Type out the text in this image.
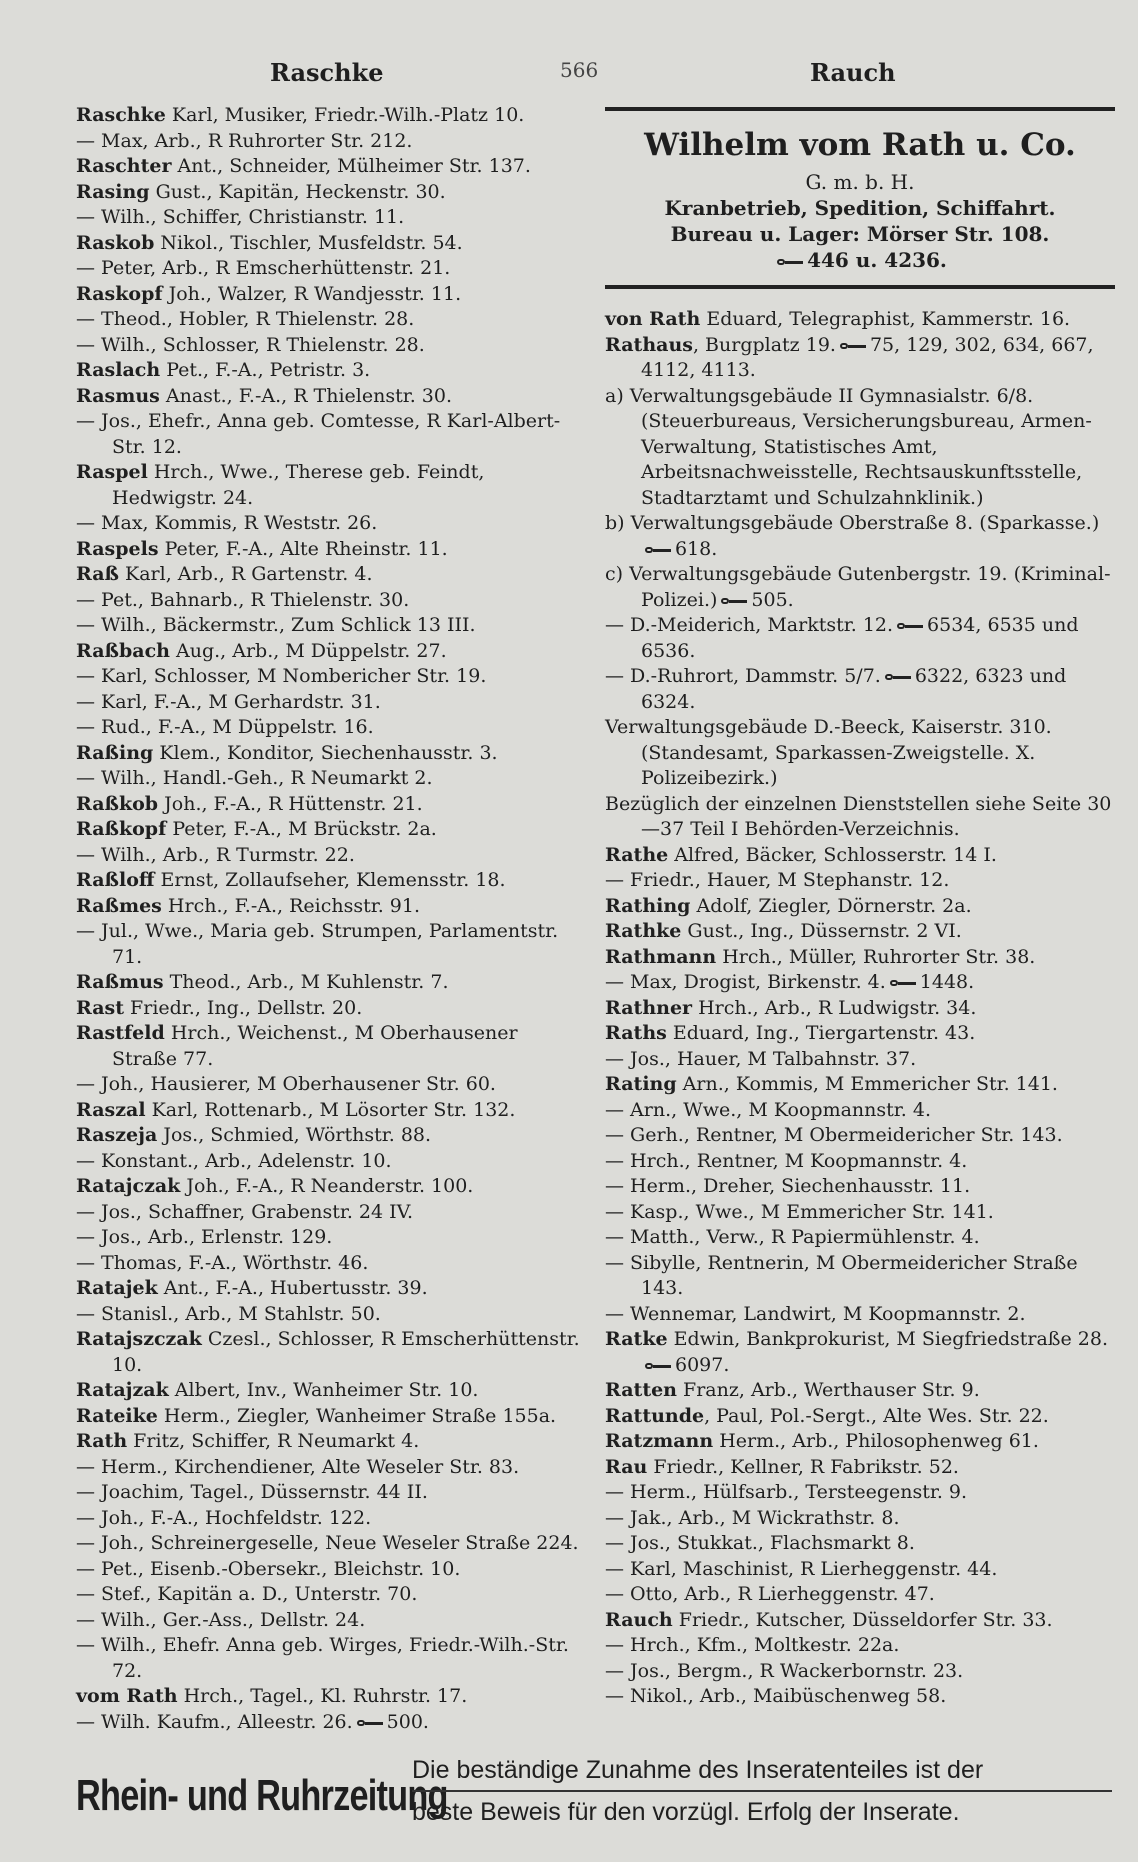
Raschke	566	Rauch
Raschke Karl, Musiker, Friedr.-Wilh.-Platz 10.
— Max, Arb., R Ruhrorter Str. 212.
Raschter Ant., Schneider, Mülheimer Str. 137.
Rasing Gust., Kapitän, Heckenstr. 30.
— Wilh., Schiffer, Christianstr. 11.
Raskob Nikol., Tischler, Musfeldstr. 54.
— Peter, Arb., R Emscherhüttenstr. 21.
Raskopf Joh., Walzer, R Wandjesstr. 11.
— Theod., Hobler, R Thielenstr. 28.
— Wilh., Schlosser, R Thielenstr. 28.
Raslach Pet., F.-A., Petristr. 3.
Rasmus Anast., F.-A., R Thielenstr. 30.
— Jos., Ehefr., Anna geb. Comtesse, R Karl-Albert-Str. 12.
Raspel Hrch., Wwe., Therese geb. Feindt, Hedwigstr. 24.
— Max, Kommis, R Weststr. 26.
Raspels Peter, F.-A., Alte Rheinstr. 11.
Raß Karl, Arb., R Gartenstr. 4.
— Pet., Bahnarb., R Thielenstr. 30.
— Wilh., Bäckermstr., Zum Schlick 13 III.
Raßbach Aug., Arb., M Düppelstr. 27.
— Karl, Schlosser, M Nombericher Str. 19.
— Karl, F.-A., M Gerhardstr. 31.
— Rud., F.-A., M Düppelstr. 16.
Raßing Klem., Konditor, Siechenhausstr. 3.
— Wilh., Handl.-Geh., R Neumarkt 2.
Raßkob Joh., F.-A., R Hüttenstr. 21.
Raßkopf Peter, F.-A., M Brückstr. 2a.
— Wilh., Arb., R Turmstr. 22.
Raßloff Ernst, Zollaufseher, Klemensstr. 18.
Raßmes Hrch., F.-A., Reichsstr. 91.
— Jul., Wwe., Maria geb. Strumpen, Parlamentstr. 71.
Raßmus Theod., Arb., M Kuhlenstr. 7.
Rast Friedr., Ing., Dellstr. 20.
Rastfeld Hrch., Weichenst., M Oberhausener Straße 77.
— Joh., Hausierer, M Oberhausener Str. 60.
Raszal Karl, Rottenarb., M Lösorter Str. 132.
Raszeja Jos., Schmied, Wörthstr. 88.
— Konstant., Arb., Adelenstr. 10.
Ratajczak Joh., F.-A., R Neanderstr. 100.
— Jos., Schaffner, Grabenstr. 24 IV.
— Jos., Arb., Erlenstr. 129.
— Thomas, F.-A., Wörthstr. 46.
Ratajek Ant., F.-A., Hubertusstr. 39.
— Stanisl., Arb., M Stahlstr. 50.
Ratajszczak Czesl., Schlosser, R Emscherhüttenstr. 10.
Ratajzak Albert, Inv., Wanheimer Str. 10.
Rateike Herm., Ziegler, Wanheimer Straße 155a.
Rath Fritz, Schiffer, R Neumarkt 4.
— Herm., Kirchendiener, Alte Weseler Str. 83.
— Joachim, Tagel., Düssernstr. 44 II.
— Joh., F.-A., Hochfeldstr. 122.
— Joh., Schreinergeselle, Neue Weseler Straße 224.
— Pet., Eisenb.-Obersekr., Bleichstr. 10.
— Stef., Kapitän a. D., Unterstr. 70.
— Wilh., Ger.-Ass., Dellstr. 24.
— Wilh., Ehefr. Anna geb. Wirges, Friedr.-Wilh.-Str. 72.
vom Rath Hrch., Tagel., Kl. Ruhrstr. 17.
— Wilh. Kaufm., Alleestr. 26. 500.
Wilhelm vom Rath u. Co.
G. m. b. H.
Kranbetrieb, Spedition, Schiffahrt.
Bureau u. Lager: Mörser Str. 108.
446 u. 4236.
von Rath Eduard, Telegraphist, Kammerstr. 16.
Rathaus, Burgplatz 19. 75, 129, 302, 634, 667, 4112, 4113.
a) Verwaltungsgebäude II Gymnasialstr. 6/8. (Steuerbureaus, Versicherungsbureau, Armen-Verwaltung, Statistisches Amt, Arbeitsnachweisstelle, Rechtsauskunftsstelle, Stadtarztamt und Schulzahnklinik.)
b) Verwaltungsgebäude Oberstraße 8. (Sparkasse.)618.
c) Verwaltungsgebäude Gutenbergstr. 19. (Kriminal-Polizei.) 505.
— D.-Meiderich, Marktstr. 12. 6534, 6535 und 6536.
— D.-Ruhrort, Dammstr. 5/7. 6322, 6323 und 6324.
Verwaltungsgebäude D.-Beeck, Kaiserstr. 310. (Standesamt, Sparkassen-Zweigstelle. X. Polizeibezirk.)
Bezüglich der einzelnen Dienststellen siehe Seite 30—37 Teil I Behörden-Verzeichnis.
Rathe Alfred, Bäcker, Schlosserstr. 14 I.
— Friedr., Hauer, M Stephanstr. 12.
Rathing Adolf, Ziegler, Dörnerstr. 2a.
Rathke Gust., Ing., Düssernstr. 2 VI.
Rathmann Hrch., Müller, Ruhrorter Str. 38.
— Max, Drogist, Birkenstr. 4. 1448.
Rathner Hrch., Arb., R Ludwigstr. 34.
Raths Eduard, Ing., Tiergartenstr. 43.
— Jos., Hauer, M Talbahnstr. 37.
Rating Arn., Kommis, M Emmericher Str. 141.
— Arn., Wwe., M Koopmannstr. 4.
— Gerh., Rentner, M Obermeidericher Str. 143.
— Hrch., Rentner, M Koopmannstr. 4.
— Herm., Dreher, Siechenhausstr. 11.
— Kasp., Wwe., M Emmericher Str. 141.
— Matth., Verw., R Papiermühlenstr. 4.
— Sibylle, Rentnerin, M Obermeidericher Straße 143.
— Wennemar, Landwirt, M Koopmannstr. 2.
Ratke Edwin, Bankprokurist, M Siegfriedstraße 28.6097.
Ratten Franz, Arb., Werthauser Str. 9.
Rattunde, Paul, Pol.-Sergt., Alte Wes. Str. 22.
Ratzmann Herm., Arb., Philosophenweg 61.
Rau Friedr., Kellner, R Fabrikstr. 52.
— Herm., Hülfsarb., Tersteegenstr. 9.
— Jak., Arb., M Wickrathstr. 8.
— Jos., Stukkat., Flachsmarkt 8.
— Karl, Maschinist, R Lierheggenstr. 44.
— Otto, Arb., R Lierheggenstr. 47.
Rauch Friedr., Kutscher, Düsseldorfer Str. 33.
— Hrch., Kfm., Moltkestr. 22a.
— Jos., Bergm., R Wackerbornstr. 23.
— Nikol., Arb., Maibüschenweg 58.
Rhein- und Ruhrzeitung
Die beständige Zunahme des Inseratenteiles ist der
beste Beweis für den vorzügl. Erfolg der Inserate.
